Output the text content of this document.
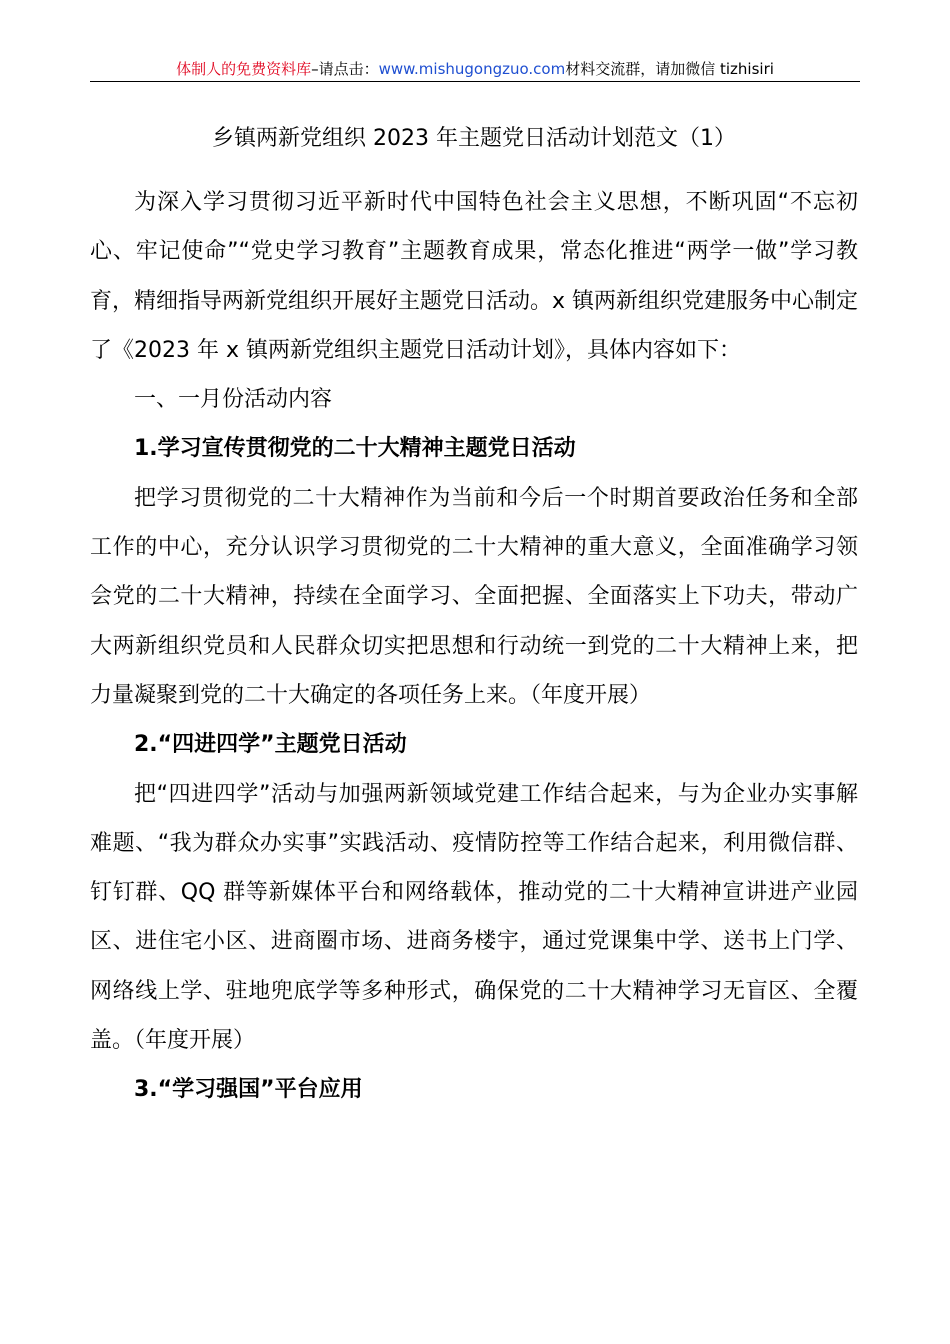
体制人的免费资料库–请点击：www.mishugongzuo.com材料交流群，请加微信 tizhisiri
乡镇两新党组织 2023 年主题党日活动计划范文（1）

为深入学习贯彻习近平新时代中国特色社会主义思想，不断巩固“不忘初心、牢记使命”“党史学习教育”主题教育成果，常态化推进“两学一做”学习教育，精细指导两新党组织开展好主题党日活动。x 镇两新组织党建服务中心制定了《2023 年 x 镇两新党组织主题党日活动计划》，具体内容如下：

一、一月份活动内容

1.学习宣传贯彻党的二十大精神主题党日活动

把学习贯彻党的二十大精神作为当前和今后一个时期首要政治任务和全部工作的中心，充分认识学习贯彻党的二十大精神的重大意义，全面准确学习领会党的二十大精神，持续在全面学习、全面把握、全面落实上下功夫，带动广大两新组织党员和人民群众切实把思想和行动统一到党的二十大精神上来，把力量凝聚到党的二十大确定的各项任务上来。（年度开展）

2.“四进四学”主题党日活动

把“四进四学”活动与加强两新领域党建工作结合起来，与为企业办实事解难题、“我为群众办实事”实践活动、疫情防控等工作结合起来，利用微信群、钉钉群、QQ 群等新媒体平台和网络载体，推动党的二十大精神宣讲进产业园区、进住宅小区、进商圈市场、进商务楼宇，通过党课集中学、送书上门学、网络线上学、驻地兜底学等多种形式，确保党的二十大精神学习无盲区、全覆盖。（年度开展）

3.“学习强国”平台应用
